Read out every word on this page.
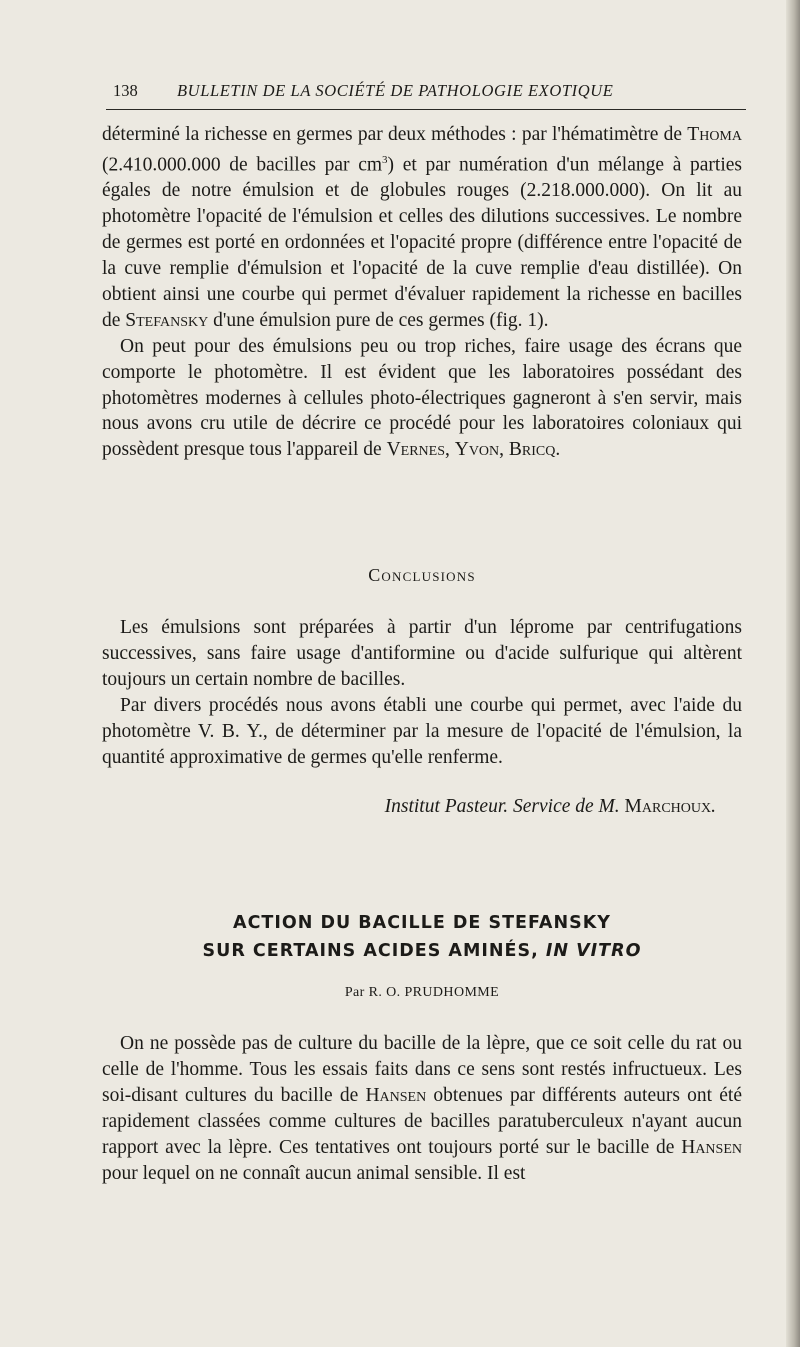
138 BULLETIN DE LA SOCIÉTÉ DE PATHOLOGIE EXOTIQUE

déterminé la richesse en germes par deux méthodes : par l'hématimètre de Thoma (2.410.000.000 de bacilles par $cm^3$) et par numération d'un mélange à parties égales de notre émulsion et de globules rouges (2.218.000.000). On lit au photomètre l'opacité de l'émulsion et celles des dilutions successives. Le nombre de germes est porté en ordonnées et l'opacité propre (différence entre l'opacité de la cuve remplie d'émulsion et l'opacité de la cuve remplie d'eau distillée). On obtient ainsi une courbe qui permet d'évaluer rapidement la richesse en bacilles de Stefansky d'une émulsion pure de ces germes (fig. 1).

On peut pour des émulsions peu ou trop riches, faire usage des écrans que comporte le photomètre. Il est évident que les laboratoires possédant des photomètres modernes à cellules photo-électriques gagneront à s'en servir, mais nous avons cru utile de décrire ce procédé pour les laboratoires coloniaux qui possèdent presque tous l'appareil de Vernes, Yvon, Bricq.

Conclusions

Les émulsions sont préparées à partir d'un léprome par centrifugations successives, sans faire usage d'antiformine ou d'acide sulfurique qui altèrent toujours un certain nombre de bacilles.

Par divers procédés nous avons établi une courbe qui permet, avec l'aide du photomètre V. B. Y., de déterminer par la mesure de l'opacité de l'émulsion, la quantité approximative de germes qu'elle renferme.

Institut Pasteur. Service de M. Marchoux.
ACTION DU BACILLE DE STEFANSKY
SUR CERTAINS ACIDES AMINÉS, IN VITRO
Par R. O. PRUDHOMME

On ne possède pas de culture du bacille de la lèpre, que ce soit celle du rat ou celle de l'homme. Tous les essais faits dans ce sens sont restés infructueux. Les soi-disant cultures du bacille de Hansen obtenues par différents auteurs ont été rapidement classées comme cultures de bacilles paratuberculeux n'ayant aucun rapport avec la lèpre. Ces tentatives ont toujours porté sur le bacille de Hansen pour lequel on ne connaît aucun animal sensible. Il est
